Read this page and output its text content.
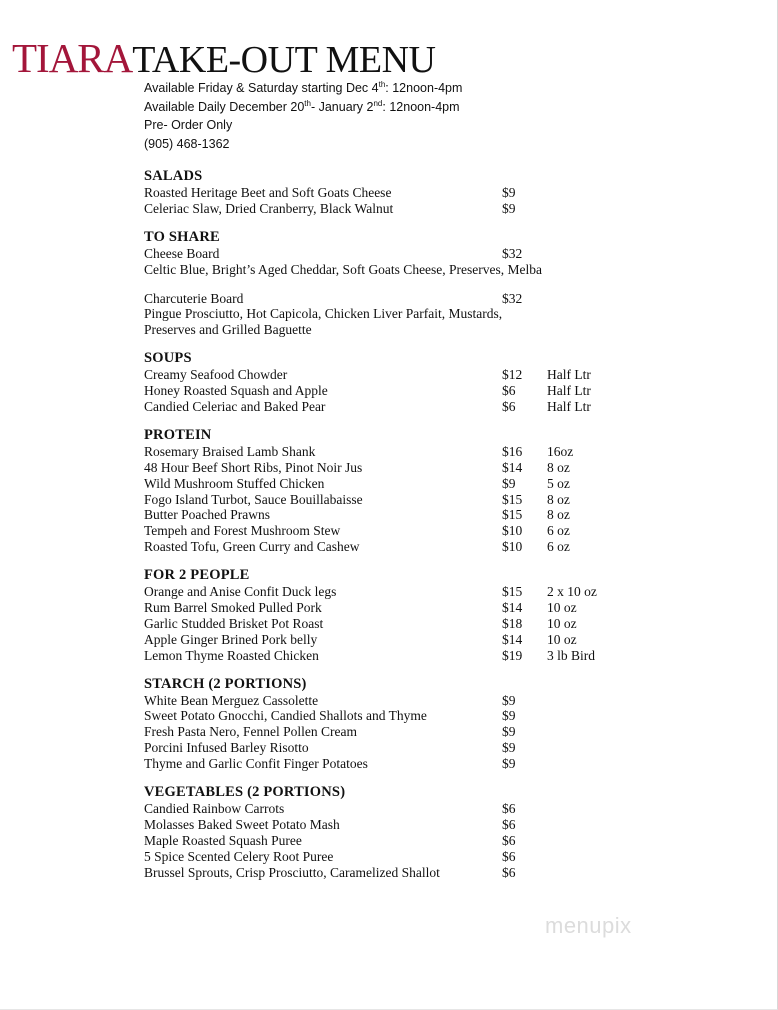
TIARA TAKE-OUT MENU
Available Friday & Saturday starting Dec 4th: 12noon-4pm
Available Daily December 20th- January 2nd: 12noon-4pm
Pre- Order Only
(905) 468-1362
SALADS
Roasted Heritage Beet and Soft Goats Cheese	$9
Celeriac Slaw, Dried Cranberry, Black Walnut	$9
TO SHARE
Cheese Board	$32
Celtic Blue, Bright’s Aged Cheddar, Soft Goats Cheese, Preserves, Melba
Charcuterie Board	$32
Pingue Prosciutto, Hot Capicola, Chicken Liver Parfait, Mustards,
Preserves and Grilled Baguette
SOUPS
Creamy Seafood Chowder	$12 Half Ltr
Honey Roasted Squash and Apple	$6 Half Ltr
Candied Celeriac and Baked Pear	$6 Half Ltr
PROTEIN
Rosemary Braised Lamb Shank	$16 16oz
48 Hour Beef Short Ribs, Pinot Noir Jus	$14 8 oz
Wild Mushroom Stuffed Chicken	$9 5 oz
Fogo Island Turbot, Sauce Bouillabaisse	$15 8 oz
Butter Poached Prawns	$15 8 oz
Tempeh and Forest Mushroom Stew	$10 6 oz
Roasted Tofu, Green Curry and Cashew	$10 6 oz
FOR 2 PEOPLE
Orange and Anise Confit Duck legs	$15 2 x 10 oz
Rum Barrel Smoked Pulled Pork	$14 10 oz
Garlic Studded Brisket Pot Roast	$18 10 oz
Apple Ginger Brined Pork belly	$14 10 oz
Lemon Thyme Roasted Chicken	$19 3 lb Bird
STARCH (2 PORTIONS)
White Bean Merguez Cassolette	$9
Sweet Potato Gnocchi, Candied Shallots and Thyme	$9
Fresh Pasta Nero, Fennel Pollen Cream	$9
Porcini Infused Barley Risotto	$9
Thyme and Garlic Confit Finger Potatoes	$9
VEGETABLES (2 PORTIONS)
Candied Rainbow Carrots	$6
Molasses Baked Sweet Potato Mash	$6
Maple Roasted Squash Puree	$6
5 Spice Scented Celery Root Puree	$6
Brussel Sprouts, Crisp Prosciutto, Caramelized Shallot	$6
menupix
